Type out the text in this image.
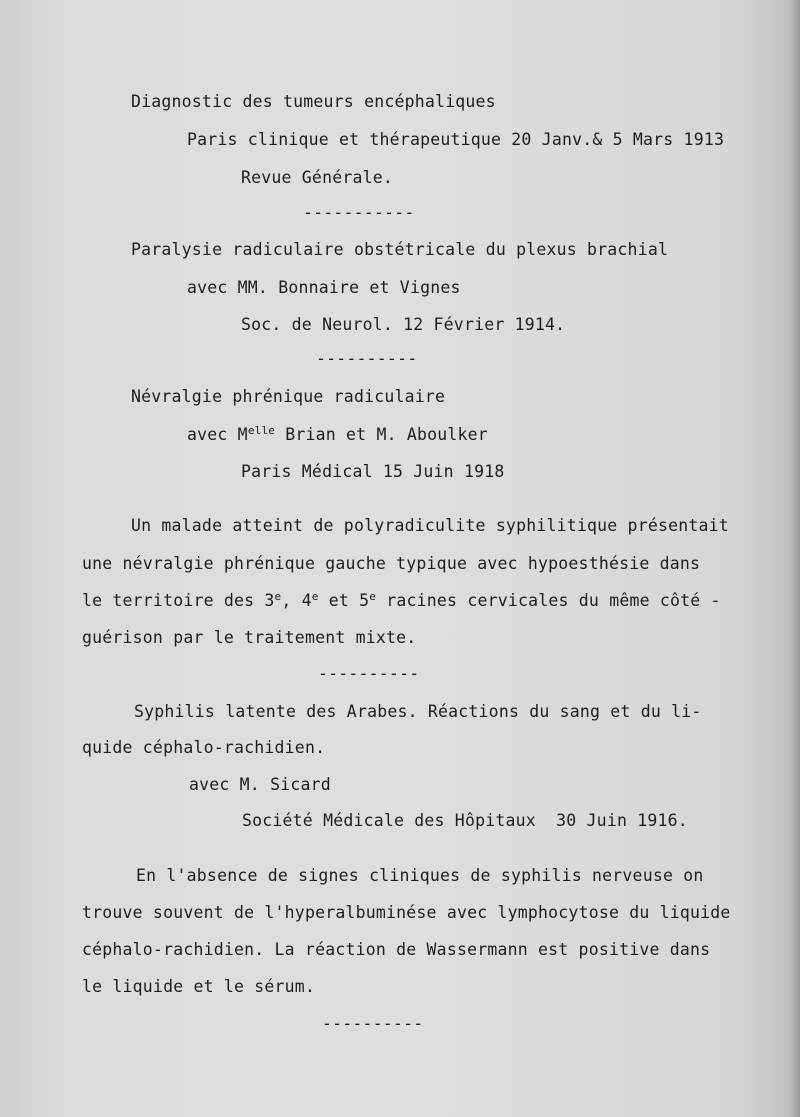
Diagnostic des tumeurs encéphaliques
Paris clinique et thérapeutique 20 Janv.& 5 Mars 1913
Revue Générale.
-----------
Paralysie radiculaire obstétricale du plexus brachial
avec MM. Bonnaire et Vignes
Soc. de Neurol. 12 Février 1914.
----------
Névralgie phrénique radiculaire
avec $M^{elle}$ Brian et M. Aboulker
Paris Médical 15 Juin 1918
Un malade atteint de polyradiculite syphilitique présentait
une névralgie phrénique gauche typique avec hypoesthésie dans
le territoire des 3e, 4e et 5e racines cervicales du même côté -
guérison par le traitement mixte.
----------
Syphilis latente des Arabes. Réactions du sang et du li-
quide céphalo-rachidien.
avec M. Sicard
Société Médicale des Hôpitaux  30 Juin 1916.
En l'absence de signes cliniques de syphilis nerveuse on
trouve souvent de l'hyperalbuminése avec lymphocytose du liquide
céphalo-rachidien. La réaction de Wassermann est positive dans
le liquide et le sérum.
----------
